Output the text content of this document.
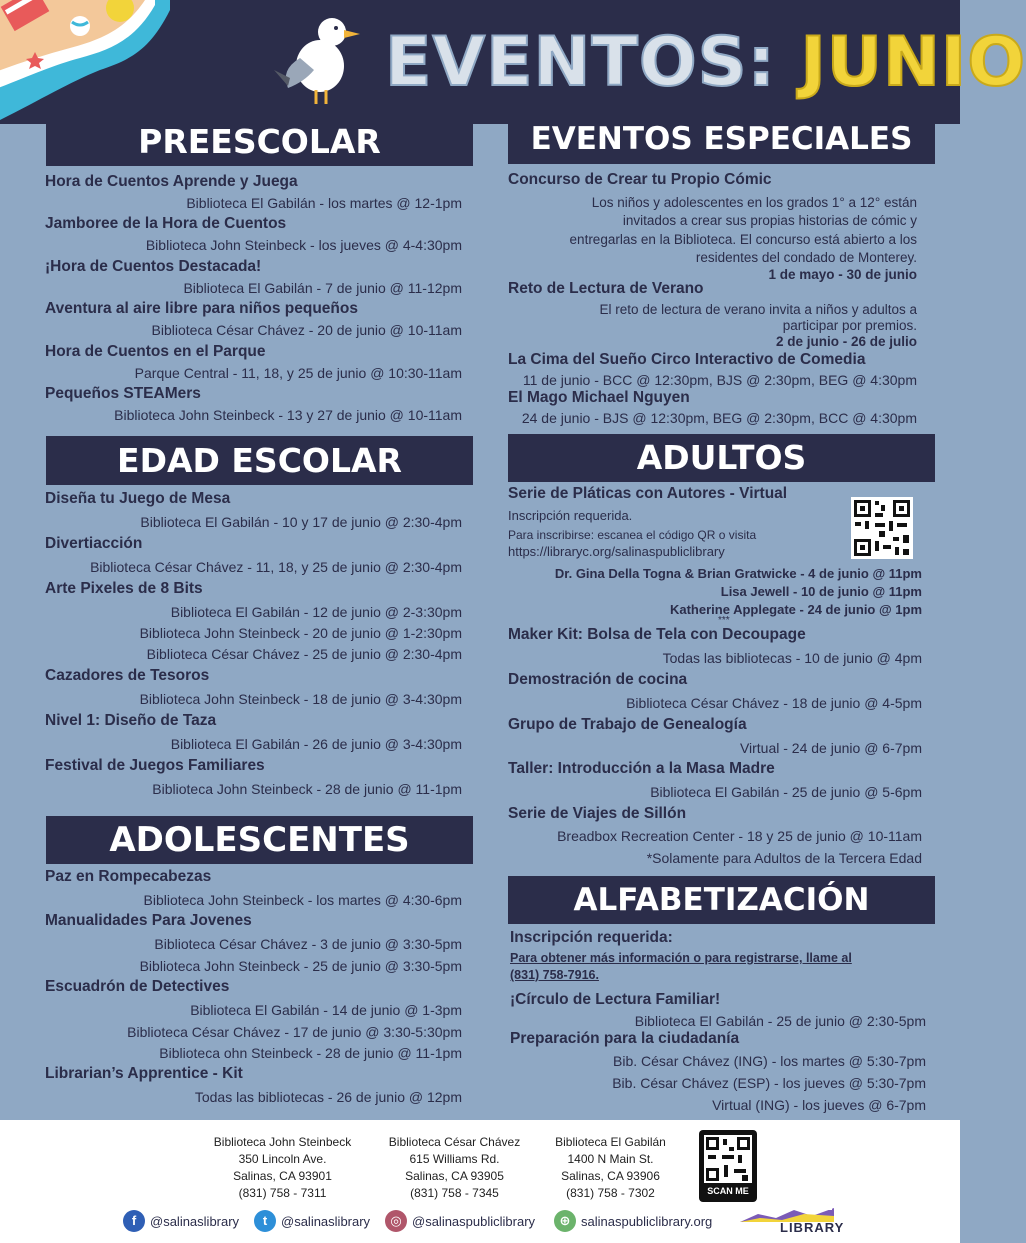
EVENTOS: JUNIO
PREESCOLAR
Hora de Cuentos Aprende y Juega
Biblioteca El Gabilán - los martes @ 12-1pm
Jamboree de la Hora de Cuentos
Biblioteca John Steinbeck - los jueves @ 4-4:30pm
¡Hora de Cuentos Destacada!
Biblioteca El Gabilán - 7 de junio @ 11-12pm
Aventura al aire libre para niños pequeños
Biblioteca César Chávez - 20 de junio @ 10-11am
Hora de Cuentos en el Parque
Parque Central - 11, 18, y 25 de junio @ 10:30-11am
Pequeños STEAMers
Biblioteca John Steinbeck - 13 y 27 de junio @ 10-11am
EDAD ESCOLAR
Diseña tu Juego de Mesa
Biblioteca El Gabilán - 10 y 17 de junio @ 2:30-4pm
Divertiacción
Biblioteca César Chávez - 11, 18, y 25 de junio @ 2:30-4pm
Arte Pixeles de 8 Bits
Biblioteca El Gabilán - 12 de junio @ 2-3:30pm
Biblioteca John Steinbeck - 20 de junio @ 1-2:30pm
Biblioteca César Chávez - 25 de junio @ 2:30-4pm
Cazadores de Tesoros
Biblioteca John Steinbeck - 18 de junio @ 3-4:30pm
Nivel 1: Diseño de Taza
Biblioteca El Gabilán - 26 de junio @ 3-4:30pm
Festival de Juegos Familiares
Biblioteca John Steinbeck - 28 de junio @ 11-1pm
ADOLESCENTES
Paz en Rompecabezas
Biblioteca John Steinbeck - los martes @ 4:30-6pm
Manualidades Para Jovenes
Biblioteca César Chávez - 3 de junio @ 3:30-5pm
Biblioteca John Steinbeck - 25 de junio @ 3:30-5pm
Escuadrón de Detectives
Biblioteca El Gabilán - 14 de junio @ 1-3pm
Biblioteca César Chávez - 17 de junio @ 3:30-5:30pm
Biblioteca ohn Steinbeck - 28 de junio @ 11-1pm
Librarian’s Apprentice - Kit
Todas las bibliotecas - 26 de junio @ 12pm
EVENTOS ESPECIALES
Concurso de Crear tu Propio Cómic
Los niños y adolescentes en los grados 1° a 12° están
invitados a crear sus propias historias de cómic y
entregarlas en la Biblioteca. El concurso está abierto a los
residentes del condado de Monterey.
1 de mayo - 30 de junio
Reto de Lectura de Verano
El reto de lectura de verano invita a niños y adultos a
participar por premios.
2 de junio - 26 de julio
La Cima del Sueño Circo Interactivo de Comedia
11 de junio - BCC @ 12:30pm, BJS @ 2:30pm, BEG @ 4:30pm
El Mago Michael Nguyen
24 de junio - BJS @ 12:30pm, BEG @ 2:30pm, BCC @ 4:30pm
ADULTOS
Serie de Pláticas con Autores - Virtual
Inscripción requerida.
Para inscribirse: escanea el código QR o visita
https://libraryc.org/salinaspubliclibrary
Dr. Gina Della Togna & Brian Gratwicke - 4 de junio @ 11pm
Lisa Jewell - 10 de junio @ 11pm
Katherine Applegate - 24 de junio @ 1pm
***
Maker Kit: Bolsa de Tela con Decoupage
Todas las bibliotecas - 10 de junio @ 4pm
Demostración de cocina
Biblioteca César Chávez - 18 de junio @ 4-5pm
Grupo de Trabajo de Genealogía
Virtual - 24 de junio @ 6-7pm
Taller: Introducción a la Masa Madre
Biblioteca El Gabilán - 25 de junio @ 5-6pm
Serie de Viajes de Sillón
Breadbox Recreation Center - 18 y 25 de junio @ 10-11am
*Solamente para Adultos de la Tercera Edad
ALFABETIZACIÓN
Inscripción requerida:
Para obtener más información o para registrarse, llame al
(831) 758-7916.
¡Círculo de Lectura Familiar!
Biblioteca El Gabilán - 25 de junio @ 2:30-5pm
Preparación para la ciudadanía
Bib. César Chávez (ING) - los martes @ 5:30-7pm
Bib. César Chávez (ESP) - los jueves @ 5:30-7pm
Virtual (ING) - los jueves @ 6-7pm
Biblioteca John Steinbeck
350 Lincoln Ave.
Salinas, CA 93901
(831) 758 - 7311
Biblioteca César Chávez
615 Williams Rd.
Salinas, CA 93905
(831) 758 - 7345
Biblioteca El Gabilán
1400 N Main St.
Salinas, CA 93906
(831) 758 - 7302	SCAN ME
f	@salinaslibrary	t	@salinaslibrary	◎ @salinaspubliclibrary	⊕ salinaspubliclibrary.org	LIBRARY
